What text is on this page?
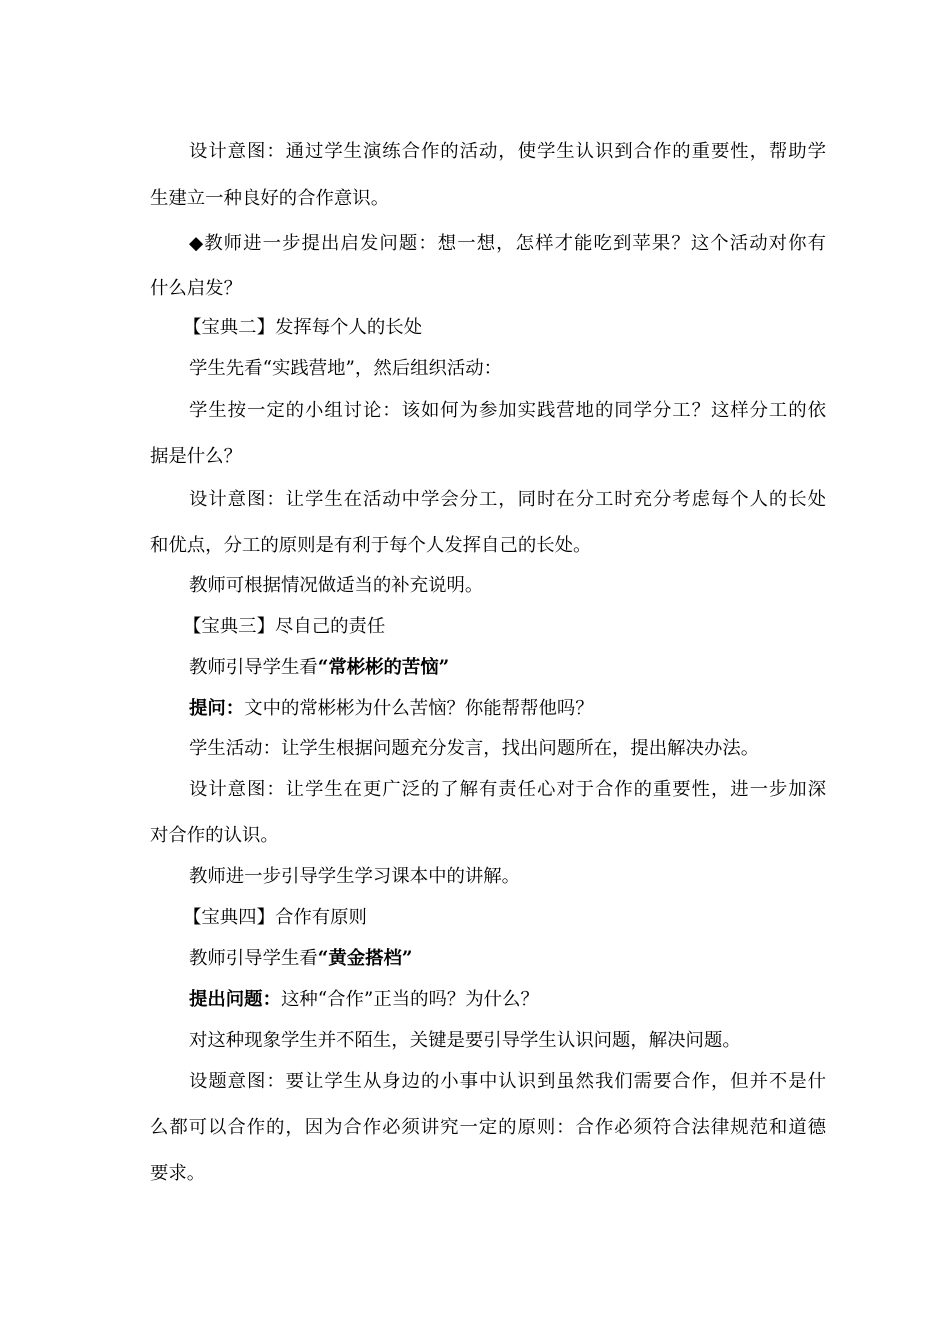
设计意图：通过学生演练合作的活动，使学生认识到合作的重要性，帮助学
生建立一种良好的合作意识。
◆教师进一步提出启发问题：想一想，怎样才能吃到苹果？这个活动对你有
什么启发？
【宝典二】发挥每个人的长处
学生先看“实践营地”，然后组织活动：
学生按一定的小组讨论：该如何为参加实践营地的同学分工？这样分工的依
据是什么？
设计意图：让学生在活动中学会分工，同时在分工时充分考虑每个人的长处
和优点，分工的原则是有利于每个人发挥自己的长处。
教师可根据情况做适当的补充说明。
【宝典三】尽自己的责任
教师引导学生看“常彬彬的苦恼”
提问：文中的常彬彬为什么苦恼？你能帮帮他吗？
学生活动：让学生根据问题充分发言，找出问题所在，提出解决办法。
设计意图：让学生在更广泛的了解有责任心对于合作的重要性，进一步加深
对合作的认识。
教师进一步引导学生学习课本中的讲解。
【宝典四】合作有原则
教师引导学生看“黄金搭档”
提出问题：这种“合作”正当的吗？为什么？
对这种现象学生并不陌生，关键是要引导学生认识问题，解决问题。
设题意图：要让学生从身边的小事中认识到虽然我们需要合作，但并不是什
么都可以合作的，因为合作必须讲究一定的原则：合作必须符合法律规范和道德
要求。
